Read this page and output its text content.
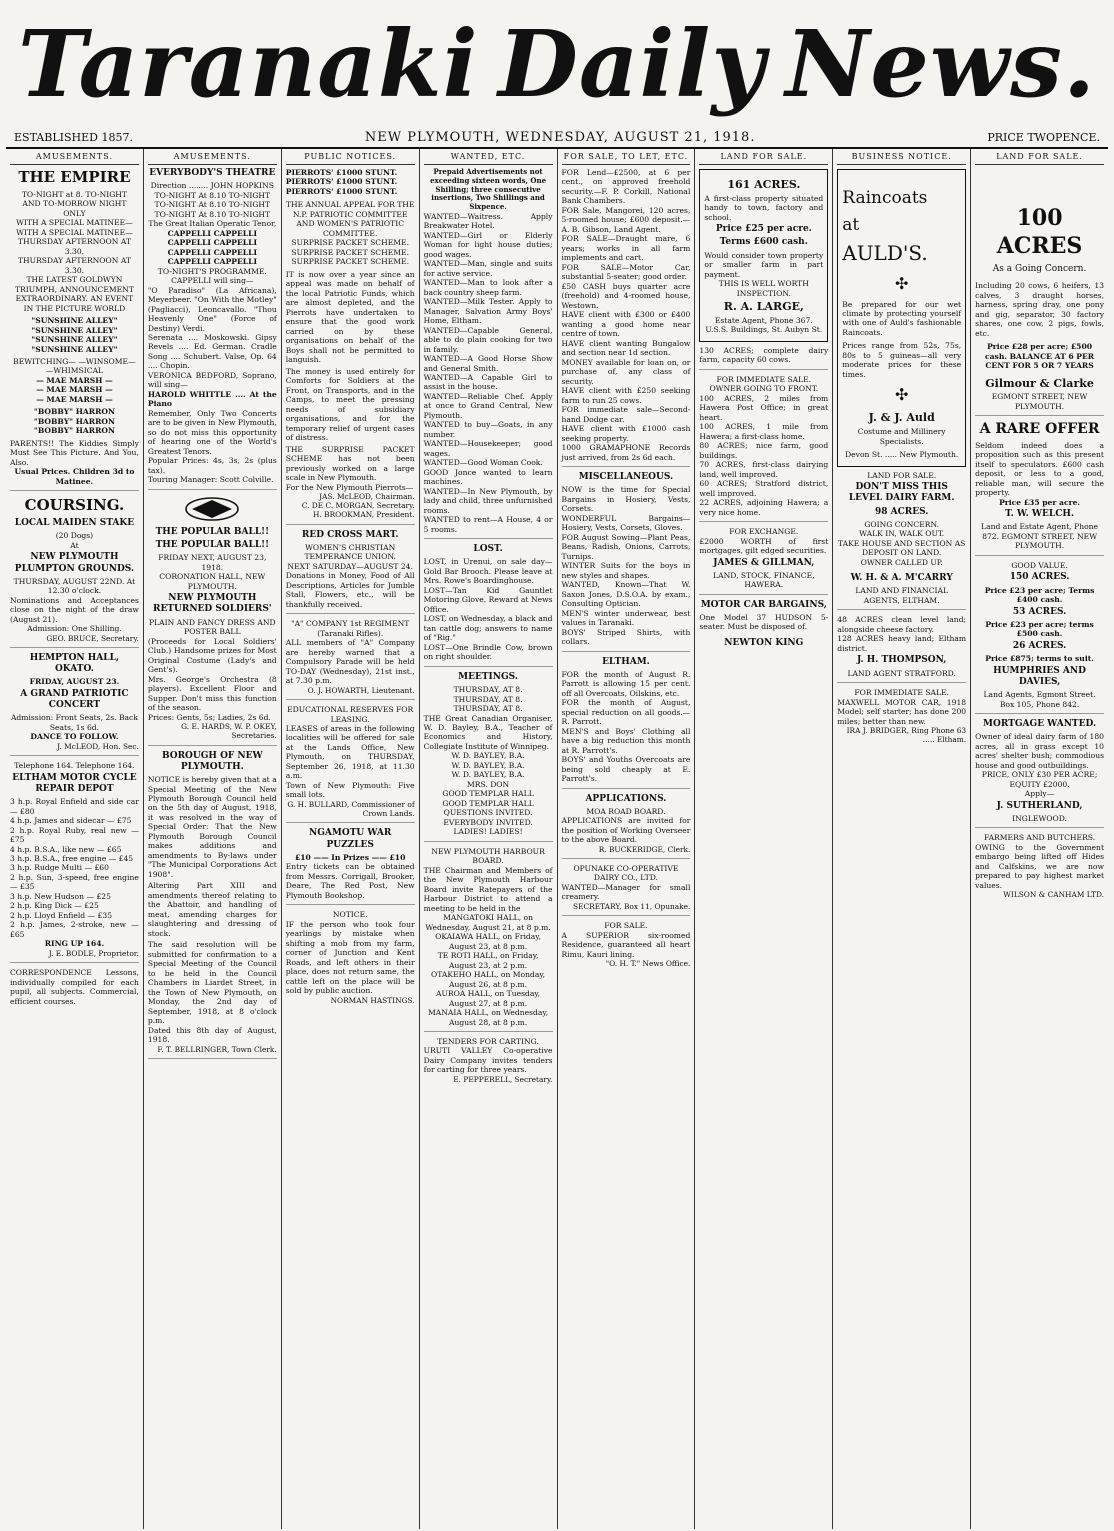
Taranaki Daily News.
ESTABLISHED 1857.	NEW PLYMOUTH, WEDNESDAY, AUGUST 21, 1918.	PRICE TWOPENCE.
AMUSEMENTS.
THE EMPIRE
TO-NIGHT at 8. TO-NIGHT
AND TO-MORROW NIGHT ONLY
WITH A SPECIAL MATINEE—
WITH A SPECIAL MATINEE—
THURSDAY AFTERNOON AT 3.30.
THURSDAY AFTERNOON AT 3.30.
THE LATEST GOLDWYN TRIUMPH, ANNOUNCEMENT EXTRAORDINARY. AN EVENT IN THE PICTURE WORLD
"SUNSHINE ALLEY"
"SUNSHINE ALLEY"
"SUNSHINE ALLEY"
"SUNSHINE ALLEY"
BEWITCHING— —WINSOME— —WHIMSICAL
— MAE MARSH —
— MAE MARSH —
— MAE MARSH —
"BOBBY" HARRON
"BOBBY" HARRON
"BOBBY" HARRON
PARENTS!! The Kiddies Simply Must See This Picture. And You, Also.
Usual Prices. Children 3d to Matinee.
COURSING.
LOCAL MAIDEN STAKE
(20 Dogs)
At
NEW PLYMOUTH PLUMPTON GROUNDS.
THURSDAY, AUGUST 22ND. At 12.30 o'clock.
Nominations and Acceptances close on the night of the draw (August 21).
Admission: One Shilling.
GEO. BRUCE, Secretary.
HEMPTON HALL, OKATO.
FRIDAY, AUGUST 23.
A GRAND PATRIOTIC CONCERT
Admission: Front Seats, 2s. Back Seats, 1s 6d.
DANCE TO FOLLOW.
J. McLEOD, Hon. Sec.
Telephone 164. Telephone 164.
ELTHAM MOTOR CYCLE REPAIR DEPOT
3 h.p. Royal Enfield and side car — £80
4 h.p. James and sidecar — £75
2 h.p. Royal Ruby, real new — £75
4 h.p. B.S.A., like new — £65
3 h.p. B.S.A., free engine — £45
3 h.p. Rudge Multi — £60
2 h.p. Sun, 3-speed, free engine — £35
3 h.p. New Hudson — £25
2 h.p. King Dick — £25
2 h.p. Lloyd Enfield — £35
2 h.p. James, 2-stroke, new — £65
RING UP 164.
J. E. BODLE, Proprietor.
CORRESPONDENCE Lessons, individually compiled for each pupil, all subjects. Commercial, efficient courses.
AMUSEMENTS.
EVERYBODY'S THEATRE
Direction ........ JOHN HOPKINS
TO-NIGHT At 8.10 TO-NIGHT
TO-NIGHT At 8.10 TO-NIGHT
TO-NIGHT At 8.10 TO-NIGHT
The Great Italian Operatic Tenor,
CAPPELLI CAPPELLI
CAPPELLI CAPPELLI
CAPPELLI CAPPELLI
CAPPELLI CAPPELLI
TO-NIGHT'S PROGRAMME. CAPPELLI will sing—
"O Paradiso" (La Africana), Meyerbeer. "On With the Motley" (Pagliacci), Leoncavallo. "Thou Heavenly One" (Force of Destiny) Verdi.
Serenata .... Moskowski. Gipsy Revels .... Ed. German. Cradle Song .... Schubert. Valse, Op. 64 .... Chopin.
VERONICA BEDFORD, Soprano, will sing—
HAROLD WHITTLE .... At the Piano
Remember, Only Two Concerts are to be given in New Plymouth, so do not miss this opportunity of hearing one of the World's Greatest Tenors.
Popular Prices: 4s, 3s, 2s (plus tax).
Touring Manager: Scott Colville.
THE POPULAR BALL!!
THE POPULAR BALL!!
FRIDAY NEXT, AUGUST 23, 1918.
CORONATION HALL, NEW PLYMOUTH.
NEW PLYMOUTH RETURNED SOLDIERS'
PLAIN AND FANCY DRESS AND POSTER BALL
(Proceeds for Local Soldiers' Club.) Handsome prizes for Most Original Costume (Lady's and Gent's).
Mrs. George's Orchestra (8 players). Excellent Floor and Supper. Don't miss this function of the season.
Prices: Gents, 5s; Ladies, 2s 6d.
G. E. HARDS, W. P. OKEY, Secretaries.
BOROUGH OF NEW PLYMOUTH.
NOTICE is hereby given that at a Special Meeting of the New Plymouth Borough Council held on the 5th day of August, 1918, it was resolved in the way of Special Order: That the New Plymouth Borough Council makes additions and amendments to By-laws under "The Municipal Corporations Act 1908".
Altering Part XIII and amendments thereof relating to the Abattoir, and handling of meat, amending charges for slaughtering and dressing of stock.
The said resolution will be submitted for confirmation to a Special Meeting of the Council to be held in the Council Chambers in Liardet Street, in the Town of New Plymouth, on Monday, the 2nd day of September, 1918, at 8 o'clock p.m.
Dated this 8th day of August, 1918.
F. T. BELLRINGER, Town Clerk.
PUBLIC NOTICES.
PIERROTS' £1000 STUNT.
PIERROTS' £1000 STUNT.
PIERROTS' £1000 STUNT.
THE ANNUAL APPEAL FOR THE N.P. PATRIOTIC COMMITTEE AND WOMEN'S PATRIOTIC COMMITTEE.
SURPRISE PACKET SCHEME.
SURPRISE PACKET SCHEME.
SURPRISE PACKET SCHEME.
IT is now over a year since an appeal was made on behalf of the local Patriotic Funds, which are almost depleted, and the Pierrots have undertaken to ensure that the good work carried on by these organisations on behalf of the Boys shall not be permitted to languish.
The money is used entirely for Comforts for Soldiers at the Front, on Transports, and in the Camps, to meet the pressing needs of subsidiary organisations, and for the temporary relief of urgent cases of distress.
THE SURPRISE PACKET SCHEME has not been previously worked on a large scale in New Plymouth.
For the New Plymouth Pierrots—
JAS. McLEOD, Chairman.
C. DE C. MORGAN, Secretary.
H. BROOKMAN, President.
RED CROSS MART.
WOMEN'S CHRISTIAN TEMPERANCE UNION.
NEXT SATURDAY—AUGUST 24.
Donations in Money, Food of All Descriptions, Articles for Jumble Stall, Flowers, etc., will be thankfully received.
"A" COMPANY 1st REGIMENT (Taranaki Rifles).
ALL members of "A" Company are hereby warned that a Compulsory Parade will be held TO-DAY (Wednesday), 21st inst., at 7.30 p.m.
O. J. HOWARTH, Lieutenant.
EDUCATIONAL RESERVES FOR LEASING.
LEASES of areas in the following localities will be offered for sale at the Lands Office, New Plymouth, on THURSDAY, September 26, 1918, at 11.30 a.m.
Town of New Plymouth: Five small lots.
G. H. BULLARD, Commissioner of Crown Lands.
NGAMOTU WAR PUZZLES
£10 —— In Prizes —— £10
Entry tickets can be obtained from Messrs. Corrigall, Brooker, Deare, The Red Post, New Plymouth Bookshop.
NOTICE.
IF the person who took four yearlings by mistake when shifting a mob from my farm, corner of Junction and Kent Roads, and left others in their place, does not return same, the cattle left on the place will be sold by public auction.
NORMAN HASTINGS.
WANTED, ETC.
Prepaid Advertisements not exceeding sixteen words, One Shilling; three consecutive insertions, Two Shillings and Sixpence.
WANTED—Waitress. Apply Breakwater Hotel.
WANTED—Girl or Elderly Woman for light house duties; good wages.
WANTED—Man, single and suits for active service.
WANTED—Man to look after a back country sheep farm.
WANTED—Milk Tester. Apply to Manager, Salvation Army Boys' Home, Eltham.
WANTED—Capable General, able to do plain cooking for two in family.
WANTED—A Good Horse Show and General Smith.
WANTED—A Capable Girl to assist in the house.
WANTED—Reliable Chef. Apply at once to Grand Central, New Plymouth.
WANTED to buy—Goats, in any number.
WANTED—Housekeeper; good wages.
WANTED—Good Woman Cook.
GOOD Jonce wanted to learn machines.
WANTED—In New Plymouth, by lady and child, three unfurnished rooms.
WANTED to rent—A House, 4 or 5 rooms.
LOST.
LOST, in Urenui, on sale day—Gold Bar Brooch. Please leave at Mrs. Rowe's Boardinghouse.
LOST—Tan Kid Gauntlet Motoring Glove. Reward at News Office.
LOST, on Wednesday, a black and tan cattle dog; answers to name of "Rig."
LOST—One Brindle Cow, brown on right shoulder.
MEETINGS.
THURSDAY, AT 8.
THURSDAY, AT 8.
THURSDAY, AT 8.
THE Great Canadian Organiser, W. D. Bayley, B.A., Teacher of Economics and History, Collegiate Institute of Winnipeg.
W. D. BAYLEY, B.A.
W. D. BAYLEY, B.A.
W. D. BAYLEY, B.A.
MRS. DON
GOOD TEMPLAR HALL
GOOD TEMPLAR HALL
QUESTIONS INVITED. EVERYBODY INVITED.
LADIES! LADIES!
NEW PLYMOUTH HARBOUR BOARD.
THE Chairman and Members of the New Plymouth Harbour Board invite Ratepayers of the Harbour District to attend a meeting to be held in the
MANGATOKI HALL, on Wednesday, August 21, at 8 p.m.
OKAIAWA HALL, on Friday, August 23, at 8 p.m.
TE ROTI HALL, on Friday, August 23, at 2 p.m.
OTAKEHO HALL, on Monday, August 26, at 8 p.m.
AUROA HALL, on Tuesday, August 27, at 8 p.m.
MANAIA HALL, on Wednesday, August 28, at 8 p.m.
TENDERS FOR CARTING.
URUTI VALLEY Co-operative Dairy Company invites tenders for carting for three years.
E. PEPPERELL, Secretary.
FOR SALE, TO LET, ETC.
FOR Lend—£2500, at 6 per cent., on approved freehold security.—F. P. Corkill, National Bank Chambers.
FOR Sale, Mangorei, 120 acres, 5-roomed house; £600 deposit.—A. B. Gibson, Land Agent.
FOR SALE—Draught mare, 6 years; works in all farm implements and cart.
FOR SALE—Motor Car, substantial 5-seater; good order.
£50 CASH buys quarter acre (freehold) and 4-roomed house, Westown.
HAVE client with £300 or £400 wanting a good home near centre of town.
HAVE client wanting Bungalow and section near 1d section.
MONEY available for loan on, or purchase of, any class of security.
HAVE client with £250 seeking farm to run 25 cows.
FOR immediate sale—Second-hand Dodge car.
HAVE client with £1000 cash seeking property.
1000 GRAMAPHONE Records just arrived, from 2s 6d each.
MISCELLANEOUS.
NOW is the time for Special Bargains in Hosiery, Vests, Corsets.
WONDERFUL Bargains—Hosiery, Vests, Corsets, Gloves.
FOR August Sowing—Plant Peas, Beans, Radish, Onions, Carrots, Turnips.
WINTER Suits for the boys in new styles and shapes.
WANTED, Known—That W. Saxon Jones, D.S.O.A. by exam., Consulting Optician.
MEN'S winter underwear, best values in Taranaki.
BOYS' Striped Shirts, with collars.
ELTHAM.
FOR the month of August R. Parrott is allowing 15 per cent. off all Overcoats, Oilskins, etc.
FOR the month of August, special reduction on all goods.—R. Parrott.
MEN'S and Boys' Clothing all have a big reduction this month at R. Parrott's.
BOYS' and Youths Overcoats are being sold cheaply at E. Parrott's.
APPLICATIONS.
MOA ROAD BOARD.
APPLICATIONS are invited for the position of Working Overseer to the above Board.
R. BUCKERIDGE, Clerk.
OPUNAKE CO-OPERATIVE DAIRY CO., LTD.
WANTED—Manager for small creamery.
SECRETARY, Box 11, Opunake.
FOR SALE.
A SUPERIOR six-roomed Residence, guaranteed all heart Rimu, Kauri lining.
"O. H. T." News Office.
LAND FOR SALE.
161 ACRES.
A first-class property situated handy to town, factory and school.
Price £25 per acre.
Terms £600 cash.
Would consider town property or smaller farm in part payment.
THIS IS WELL WORTH INSPECTION.
R. A. LARGE,
Estate Agent, Phone 367. U.S.S. Buildings, St. Aubyn St.
130 ACRES; complete dairy farm, capacity 60 cows.
FOR IMMEDIATE SALE.
OWNER GOING TO FRONT.
100 ACRES, 2 miles from Hawera Post Office; in great heart.
100 ACRES, 1 mile from Hawera; a first-class home.
80 ACRES; nice farm, good buildings.
70 ACRES, first-class dairying land, well improved.
60 ACRES; Stratford district, well improved.
22 ACRES, adjoining Hawera; a very nice home.
FOR EXCHANGE.
£2000 WORTH of first mortgages, gilt edged securities.
JAMES & GILLMAN,
LAND, STOCK, FINANCE, HAWERA.
MOTOR CAR BARGAINS,
One Model 37 HUDSON 5-seater. Must be disposed of.
NEWTON KING
BUSINESS NOTICE.
Raincoats
at
AULD'S.
✣
Be prepared for our wet climate by protecting yourself with one of Auld's fashionable Raincoats.
Prices range from 52s, 75s, 80s to 5 guineas—all very moderate prices for these times.
✣
J. & J. Auld
Costume and Millinery Specialists.
Devon St. ..... New Plymouth.
LAND FOR SALE.
DON'T MISS THIS LEVEL DAIRY FARM.
98 ACRES.
GOING CONCERN.
WALK IN, WALK OUT.
TAKE HOUSE AND SECTION AS DEPOSIT ON LAND.
OWNER CALLED UP.
W. H. & A. M'CARRY
LAND AND FINANCIAL AGENTS, ELTHAM.
48 ACRES clean level land; alongside cheese factory.
128 ACRES heavy land; Eltham district.
J. H. THOMPSON,
LAND AGENT STRATFORD.
FOR IMMEDIATE SALE.
MAXWELL MOTOR CAR, 1918 Model; self starter; has done 200 miles; better than new.
IRA J. BRIDGER, Ring Phone 63 ..... Eltham.
LAND FOR SALE.
100 ACRES
As a Going Concern.
Including 20 cows, 6 heifers, 13 calves, 3 draught horses, harness, spring dray, one pony and gig, separator, 30 factory shares, one cow, 2 pigs, fowls, etc.
Price £28 per acre; £500 cash. BALANCE AT 6 PER CENT FOR 5 OR 7 YEARS
Gilmour & Clarke
EGMONT STREET, NEW PLYMOUTH.
A RARE OFFER
Seldom indeed does a proposition such as this present itself to speculators. £600 cash deposit, or less to a good, reliable man, will secure the property.
Price £35 per acre.
T. W. WELCH.
Land and Estate Agent, Phone 872. EGMONT STREET, NEW PLYMOUTH.
GOOD VALUE.
150 ACRES.
Price £23 per acre; Terms £400 cash.
53 ACRES.
Price £23 per acre; terms £500 cash.
26 ACRES.
Price £875; terms to suit.
HUMPHRIES AND DAVIES,
Land Agents, Egmont Street. Box 105, Phone 842.
MORTGAGE WANTED.
Owner of ideal dairy farm of 180 acres, all in grass except 10 acres' shelter bush; commodious house and good outbuildings.
PRICE, ONLY £30 PER ACRE; EQUITY £2000.
Apply—
J. SUTHERLAND,
INGLEWOOD.
FARMERS AND BUTCHERS.
OWING to the Government embargo being lifted off Hides and Calfskins, we are now prepared to pay highest market values.
WILSON & CANHAM LTD.
